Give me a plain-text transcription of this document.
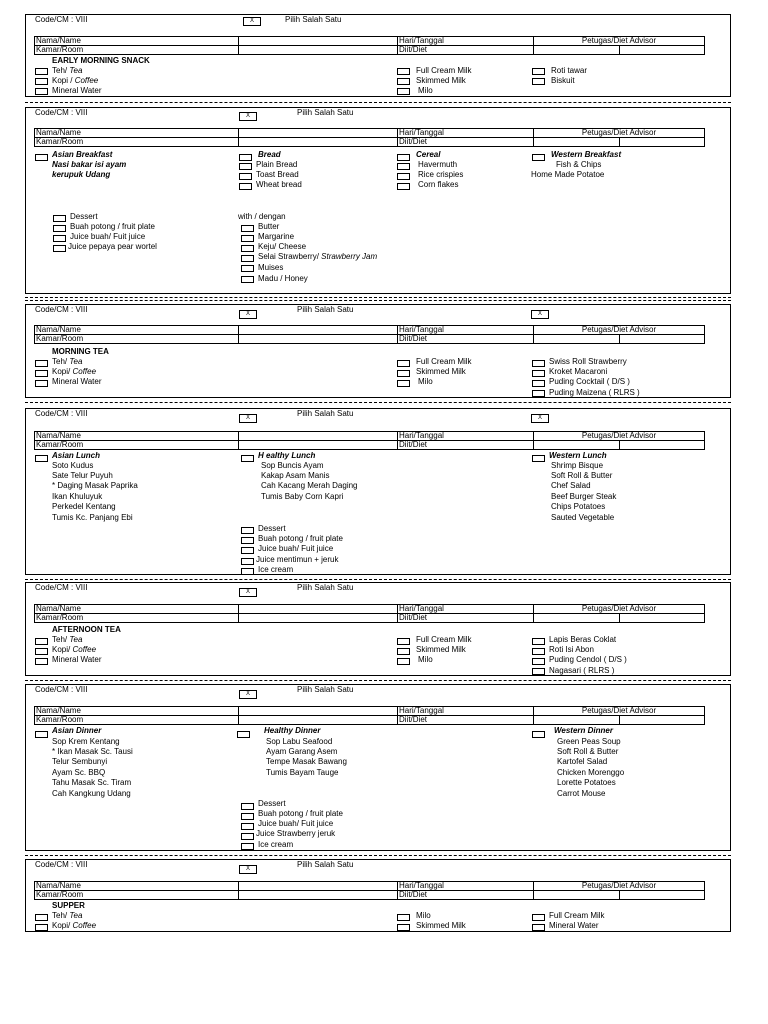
Code/CM : VIII	X	Pilih Salah Satu
Nama/Name		Hari/Tanggal	Petugas/Diet Advisor	
Kamar/Room		Diit/Diet		
EARLY MORNING SNACK
Teh/ Tea
Kopi / Coffee
Mineral Water
Full Cream Milk
Skimmed Milk
Milo
Roti tawar
Biskuit
Code/CM : VIII	X	Pilih Salah Satu
Nama/Name		Hari/Tanggal	Petugas/Diet Advisor	
Kamar/Room		Diit/Diet		
Asian Breakfast
Nasi bakar isi ayam
kerupuk Udang
Bread
Plain Bread
Toast Bread
Wheat bread
Cereal
Havermuth
Rice crispies
Corn flakes
Western Breakfast
Fish & Chips
Home Made Potatoe
Dessert
Buah potong / fruit plate
Juice buah/ Fuit juice
Juice pepaya pear wortel
with / dengan
Butter
Margarine
Keju/ Cheese
Selai Strawberry/ Strawberry Jam
Muises
Madu / Honey
Code/CM : VIII	X	Pilih Salah Satu	X
Nama/Name		Hari/Tanggal	Petugas/Diet Advisor	
Kamar/Room		Diit/Diet		
MORNING TEA
Teh/ Tea
Kopi/ Coffee
Mineral Water
Full Cream Milk
Skimmed Milk
Milo
Swiss Roll Strawberry
Kroket Macaroni
Puding Cocktail ( D/S )
Puding Maizena ( RLRS )
Code/CM : VIII	X	Pilih Salah Satu	X
Nama/Name		Hari/Tanggal	Petugas/Diet Advisor	
Kamar/Room		Diit/Diet		
Asian Lunch
Soto Kudus
Sate Telur Puyuh
* Daging Masak Paprika
Ikan Khuluyuk
Perkedel Kentang
Tumis Kc. Panjang Ebi
H ealthy Lunch
Sop Buncis Ayam
Kakap Asam Manis
Cah Kacang Merah Daging
Tumis Baby Corn Kapri
Western Lunch
Shrimp Bisque
Soft Roll & Butter
Chef Salad
Beef Burger Steak
Chips Potatoes
Sauted Vegetable
Dessert
Buah potong / fruit plate
Juice buah/ Fuit juice
Juice mentimun + jeruk
Ice cream
Code/CM : VIII	X	Pilih Salah Satu
Nama/Name		Hari/Tanggal	Petugas/Diet Advisor	
Kamar/Room		Diit/Diet		
AFTERNOON TEA
Teh/ Tea
Kopi/ Coffee
Mineral Water
Full Cream Milk
Skimmed Milk
Milo
Lapis Beras Coklat
Roti Isi Abon
Puding Cendol ( D/S )
Nagasari ( RLRS )
Code/CM : VIII	X	Pilih Salah Satu
Nama/Name		Hari/Tanggal	Petugas/Diet Advisor	
Kamar/Room		Diit/Diet		
Asian Dinner
Sop Krem Kentang
* Ikan Masak Sc. Tausi
Telur Sembunyi
Ayam Sc. BBQ
Tahu Masak Sc. Tiram
Cah Kangkung Udang
Healthy Dinner
Sop Labu Seafood
Ayam Garang Asem
Tempe Masak Bawang
Tumis Bayam Tauge
Western Dinner
Green Peas Soup
Soft Roll & Butter
Kartofel Salad
Chicken Morenggo
Lorette Potatoes
Carrot Mouse
Dessert
Buah potong / fruit plate
Juice buah/ Fuit juice
Juice Strawberry jeruk
Ice cream
Code/CM : VIII	X	Pilih Salah Satu
Nama/Name		Hari/Tanggal	Petugas/Diet Advisor	
Kamar/Room		Diit/Diet		
SUPPER
Teh/ Tea
Kopi/ Coffee
Milo
Skimmed Milk
Full Cream Milk
Mineral Water
